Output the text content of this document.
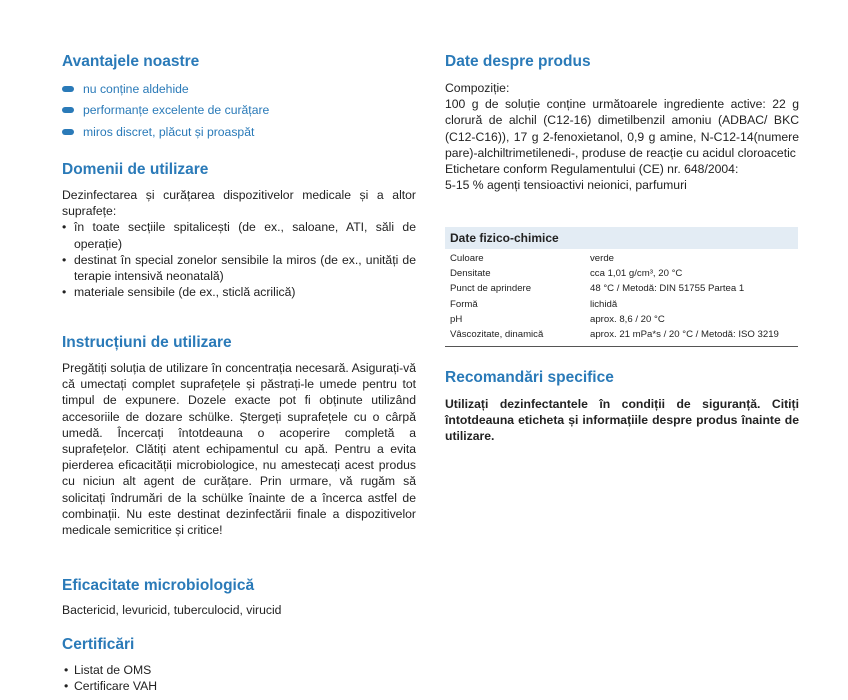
Avantajele noastre
nu conține aldehide
performanțe excelente de curățare
miros discret, plăcut și proaspăt
Domenii de utilizare
Dezinfectarea și curățarea dispozitivelor medicale și a altor suprafețe:
• în toate secțiile spitalicești (de ex., saloane, ATI, săli de operație)
• destinat în special zonelor sensibile la miros (de ex., unități de terapie intensivă neonatală)
• materiale sensibile (de ex., sticlă acrilică)
Instrucțiuni de utilizare
Pregătiți soluția de utilizare în concentrația necesară. Asigurați-vă că umectați complet suprafețele și păstrați-le umede pentru tot timpul de expunere. Dozele exacte pot fi obținute utilizând accesoriile de dozare schülke. Ștergeți suprafețele cu o cârpă umedă. Încercați întotdeauna o acoperire completă a suprafețelor. Clătiți atent echipamentul cu apă. Pentru a evita pierderea eficacității microbiologice, nu amestecați acest produs cu niciun alt agent de curățare. Prin urmare, vă rugăm să solicitați îndrumări de la schülke înainte de a încerca astfel de combinații. Nu este destinat dezinfectării finale a dispozitivelor medicale semicritice și critice!
Eficacitate microbiologică
Bactericid, levuricid, tuberculocid, virucid
Certificări
• Listat de OMS
• Certificare VAH
Date despre produs
Compoziție:
100 g de soluție conține următoarele ingrediente active: 22 g clorură de alchil (C12-16) dimetilbenzil amoniu (ADBAC/ BKC (C12-C16)), 17 g 2-fenoxietanol, 0,9 g amine, N-C12-14(numere pare)-alchiltrimetilenedi-, produse de reacție cu acidul cloroacetic
Etichetare conform Regulamentului (CE) nr. 648/2004:
5-15 % agenți tensioactivi neionici, parfumuri
Date fizico-chimice
Culoare	verde
Densitate	cca 1,01 g/cm³, 20 °C
Punct de aprindere	48 °C / Metodă: DIN 51755 Partea 1
Formă	lichidă
pH	aprox. 8,6 / 20 °C
Vâscozitate, dinamică	aprox. 21 mPa*s / 20 °C / Metodă: ISO 3219
Recomandări specifice
Utilizați dezinfectantele în condiții de siguranță. Citiți întotdeauna eticheta și informațiile despre produs înainte de utilizare.
